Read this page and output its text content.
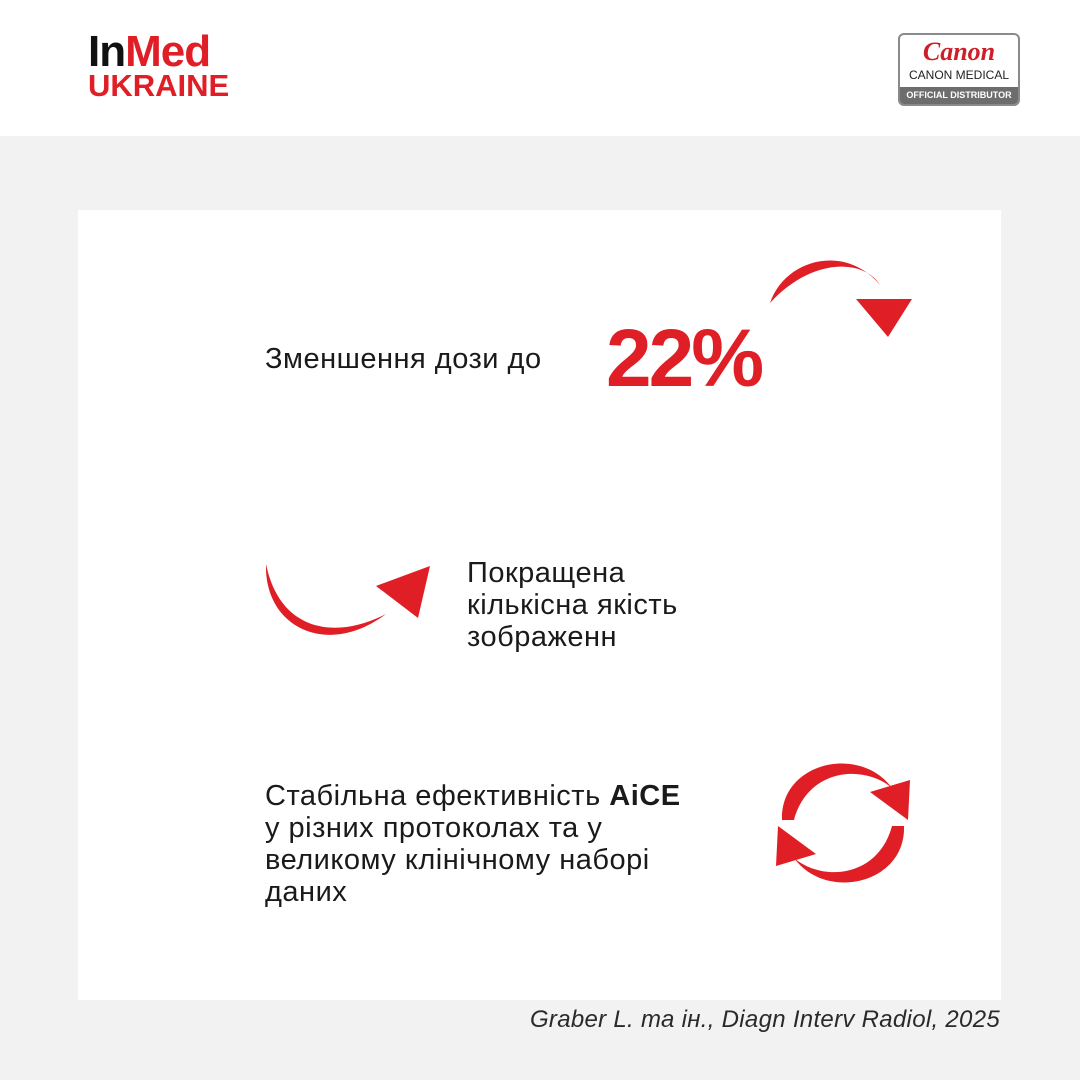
InMed
UKRAINE
Canon
CANON MEDICAL
OFFICIAL DISTRIBUTOR
Зменшення дози до 22%
Покращена
кількісна якість
зображенн
Стабільна ефективність AiCE
у різних протоколах та у
великому клінічному наборі
даних
Graber L. та ін., Diagn Interv Radiol, 2025
